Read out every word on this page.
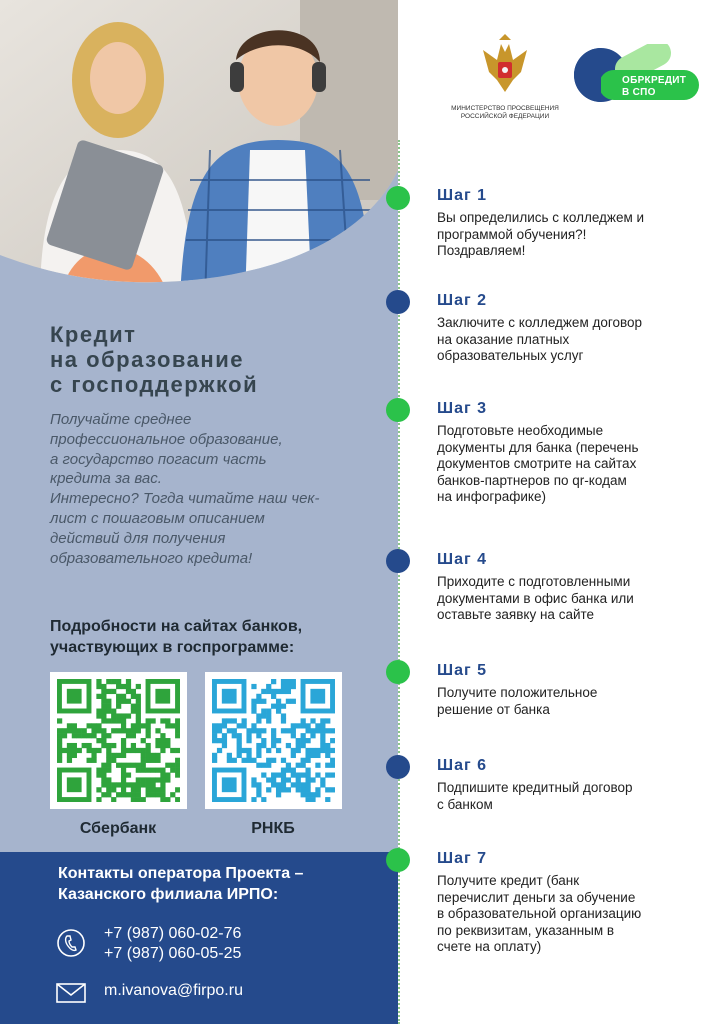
Кредит
на образование
с господдержкой

Получайте среднее
профессиональное образование,
а государство погасит часть
кредита за вас.
Интересно? Тогда читайте наш чек-
лист с пошаговым описанием
действий для получения
образовательного кредита!

Подробности на сайтах банков,
участвующих в госпрограмме:

Сбербанк	РНКБ

Контакты оператора Проекта –
Казанского филиала ИРПО:

+7 (987) 060-02-76
+7 (987) 060-05-25
m.ivanova@firpo.ru
МИНИСТЕРСТВО ПРОСВЕЩЕНИЯ
РОССИЙСКОЙ ФЕДЕРАЦИИ
ОБРКРЕДИТ
В СПО
Шаг 1
Вы определились с колледжем и
программой обучения?!
Поздравляем!
Шаг 2
Заключите с колледжем договор
на оказание платных
образовательных услуг
Шаг 3
Подготовьте необходимые
документы для банка (перечень
документов смотрите на сайтах
банков-партнеров по qr-кодам
на инфографике)
Шаг 4
Приходите с подготовленными
документами в офис банка или
оставьте заявку на сайте
Шаг 5
Получите положительное
решение от банка
Шаг 6
Подпишите кредитный договор
с банком
Шаг 7
Получите кредит (банк
перечислит деньги за обучение
в образовательной организацию
по реквизитам, указанным в
счете на оплату)
